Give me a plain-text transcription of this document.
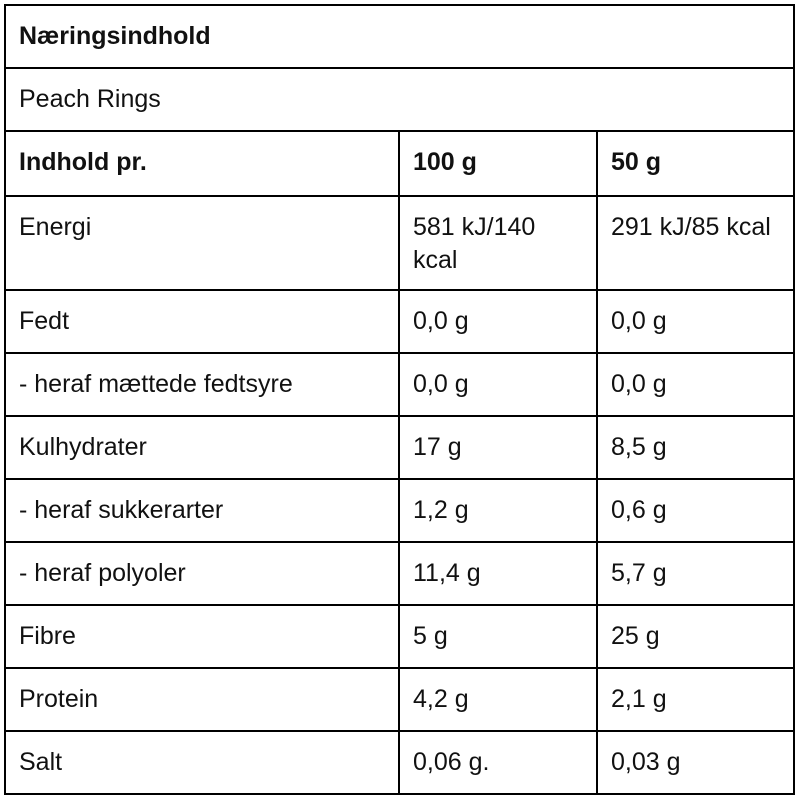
Næringsindhold		
Peach Rings		
Indhold pr.	100 g	50 g
Energi	581 kJ/140 kcal	291 kJ/85 kcal
Fedt	0,0 g	0,0 g
- heraf mættede fedtsyre	0,0 g	0,0 g
Kulhydrater	17 g	8,5 g
- heraf sukkerarter	1,2 g	0,6 g
- heraf polyoler	11,4 g	5,7 g
Fibre	5 g	25 g
Protein	4,2 g	2,1 g
Salt	0,06 g.	0,03 g
